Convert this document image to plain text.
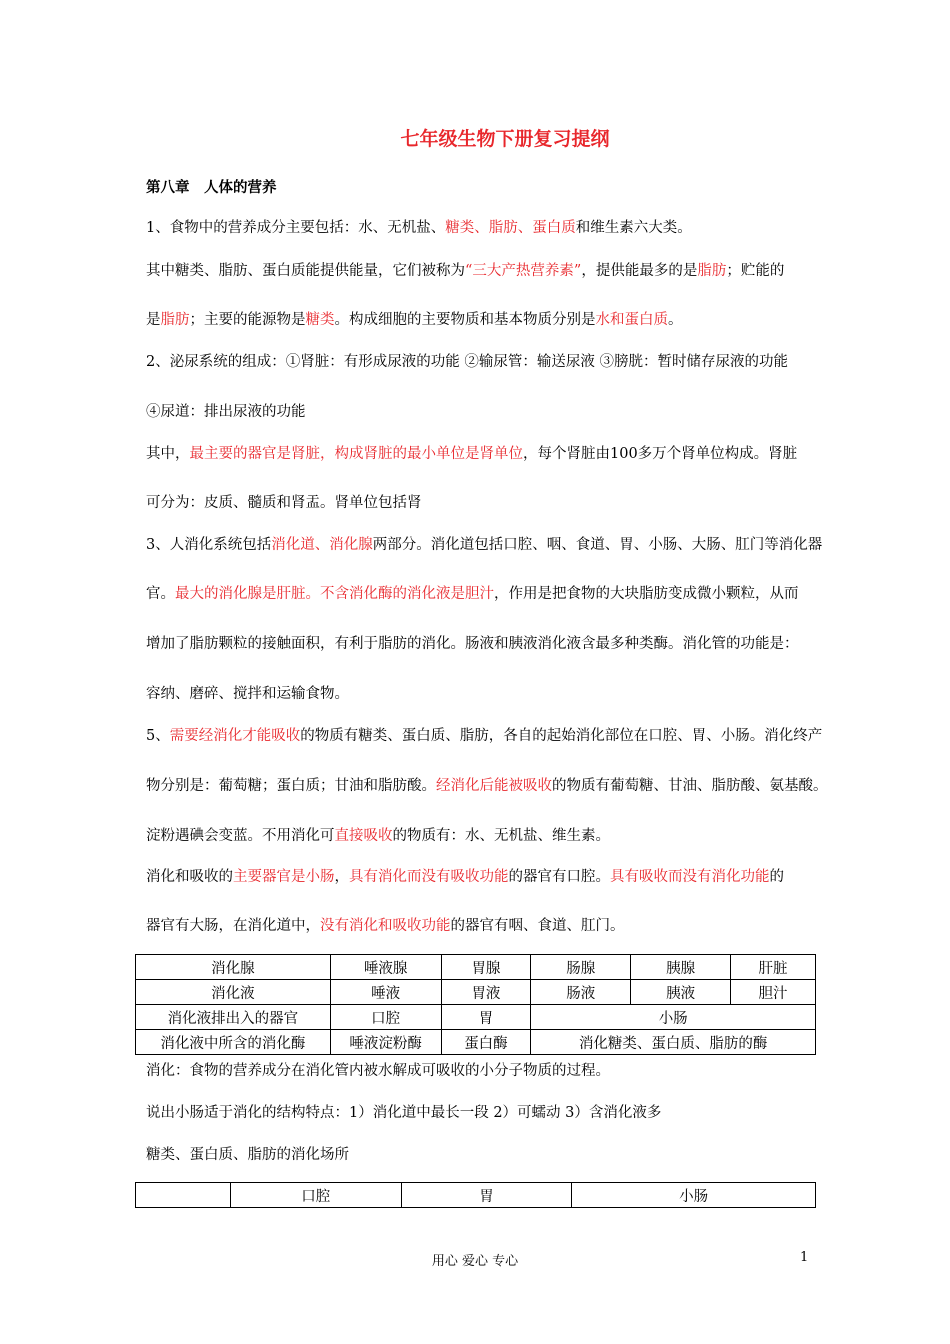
七年级生物下册复习提纲
第八章　人体的营养
1、食物中的营养成分主要包括：水、无机盐、糖类、脂肪、蛋白质和维生素六大类。
其中糖类、脂肪、蛋白质能提供能量，它们被称为“三大产热营养素”，提供能最多的是脂肪；贮能的
是脂肪；主要的能源物是糖类。构成细胞的主要物质和基本物质分别是水和蛋白质。
2、泌尿系统的组成：①肾脏：有形成尿液的功能 ②输尿管：输送尿液 ③膀胱：暂时储存尿液的功能
④尿道：排出尿液的功能
其中，最主要的器官是肾脏，构成肾脏的最小单位是肾单位，每个肾脏由100多万个肾单位构成。肾脏
可分为：皮质、髓质和肾盂。肾单位包括肾
3、人消化系统包括消化道、消化腺两部分。消化道包括口腔、咽、食道、胃、小肠、大肠、肛门等消化器
官。最大的消化腺是肝脏。不含消化酶的消化液是胆汁，作用是把食物的大块脂肪变成微小颗粒，从而
增加了脂肪颗粒的接触面积，有利于脂肪的消化。肠液和胰液消化液含最多种类酶。消化管的功能是：
容纳、磨碎、搅拌和运输食物。
5、需要经消化才能吸收的物质有糖类、蛋白质、脂肪，各自的起始消化部位在口腔、胃、小肠。消化终产
物分别是：葡萄糖；蛋白质；甘油和脂肪酸。经消化后能被吸收的物质有葡萄糖、甘油、脂肪酸、氨基酸。
淀粉遇碘会变蓝。不用消化可直接吸收的物质有：水、无机盐、维生素。
消化和吸收的主要器官是小肠，具有消化而没有吸收功能的器官有口腔。具有吸收而没有消化功能的
器官有大肠，在消化道中，没有消化和吸收功能的器官有咽、食道、肛门。
消化腺	唾液腺	胃腺	肠腺	胰腺	肝脏
消化液	唾液	胃液	肠液	胰液	胆汁
消化液排出入的器官	口腔	胃	小肠		
消化液中所含的消化酶	唾液淀粉酶	蛋白酶	消化糖类、蛋白质、脂肪的酶		
消化：食物的营养成分在消化管内被水解成可吸收的小分子物质的过程。
说出小肠适于消化的结构特点：1）消化道中最长一段 2）可蠕动 3）含消化液多
糖类、蛋白质、脂肪的消化场所
	口腔	胃	小肠
用心 爱心 专心	1
